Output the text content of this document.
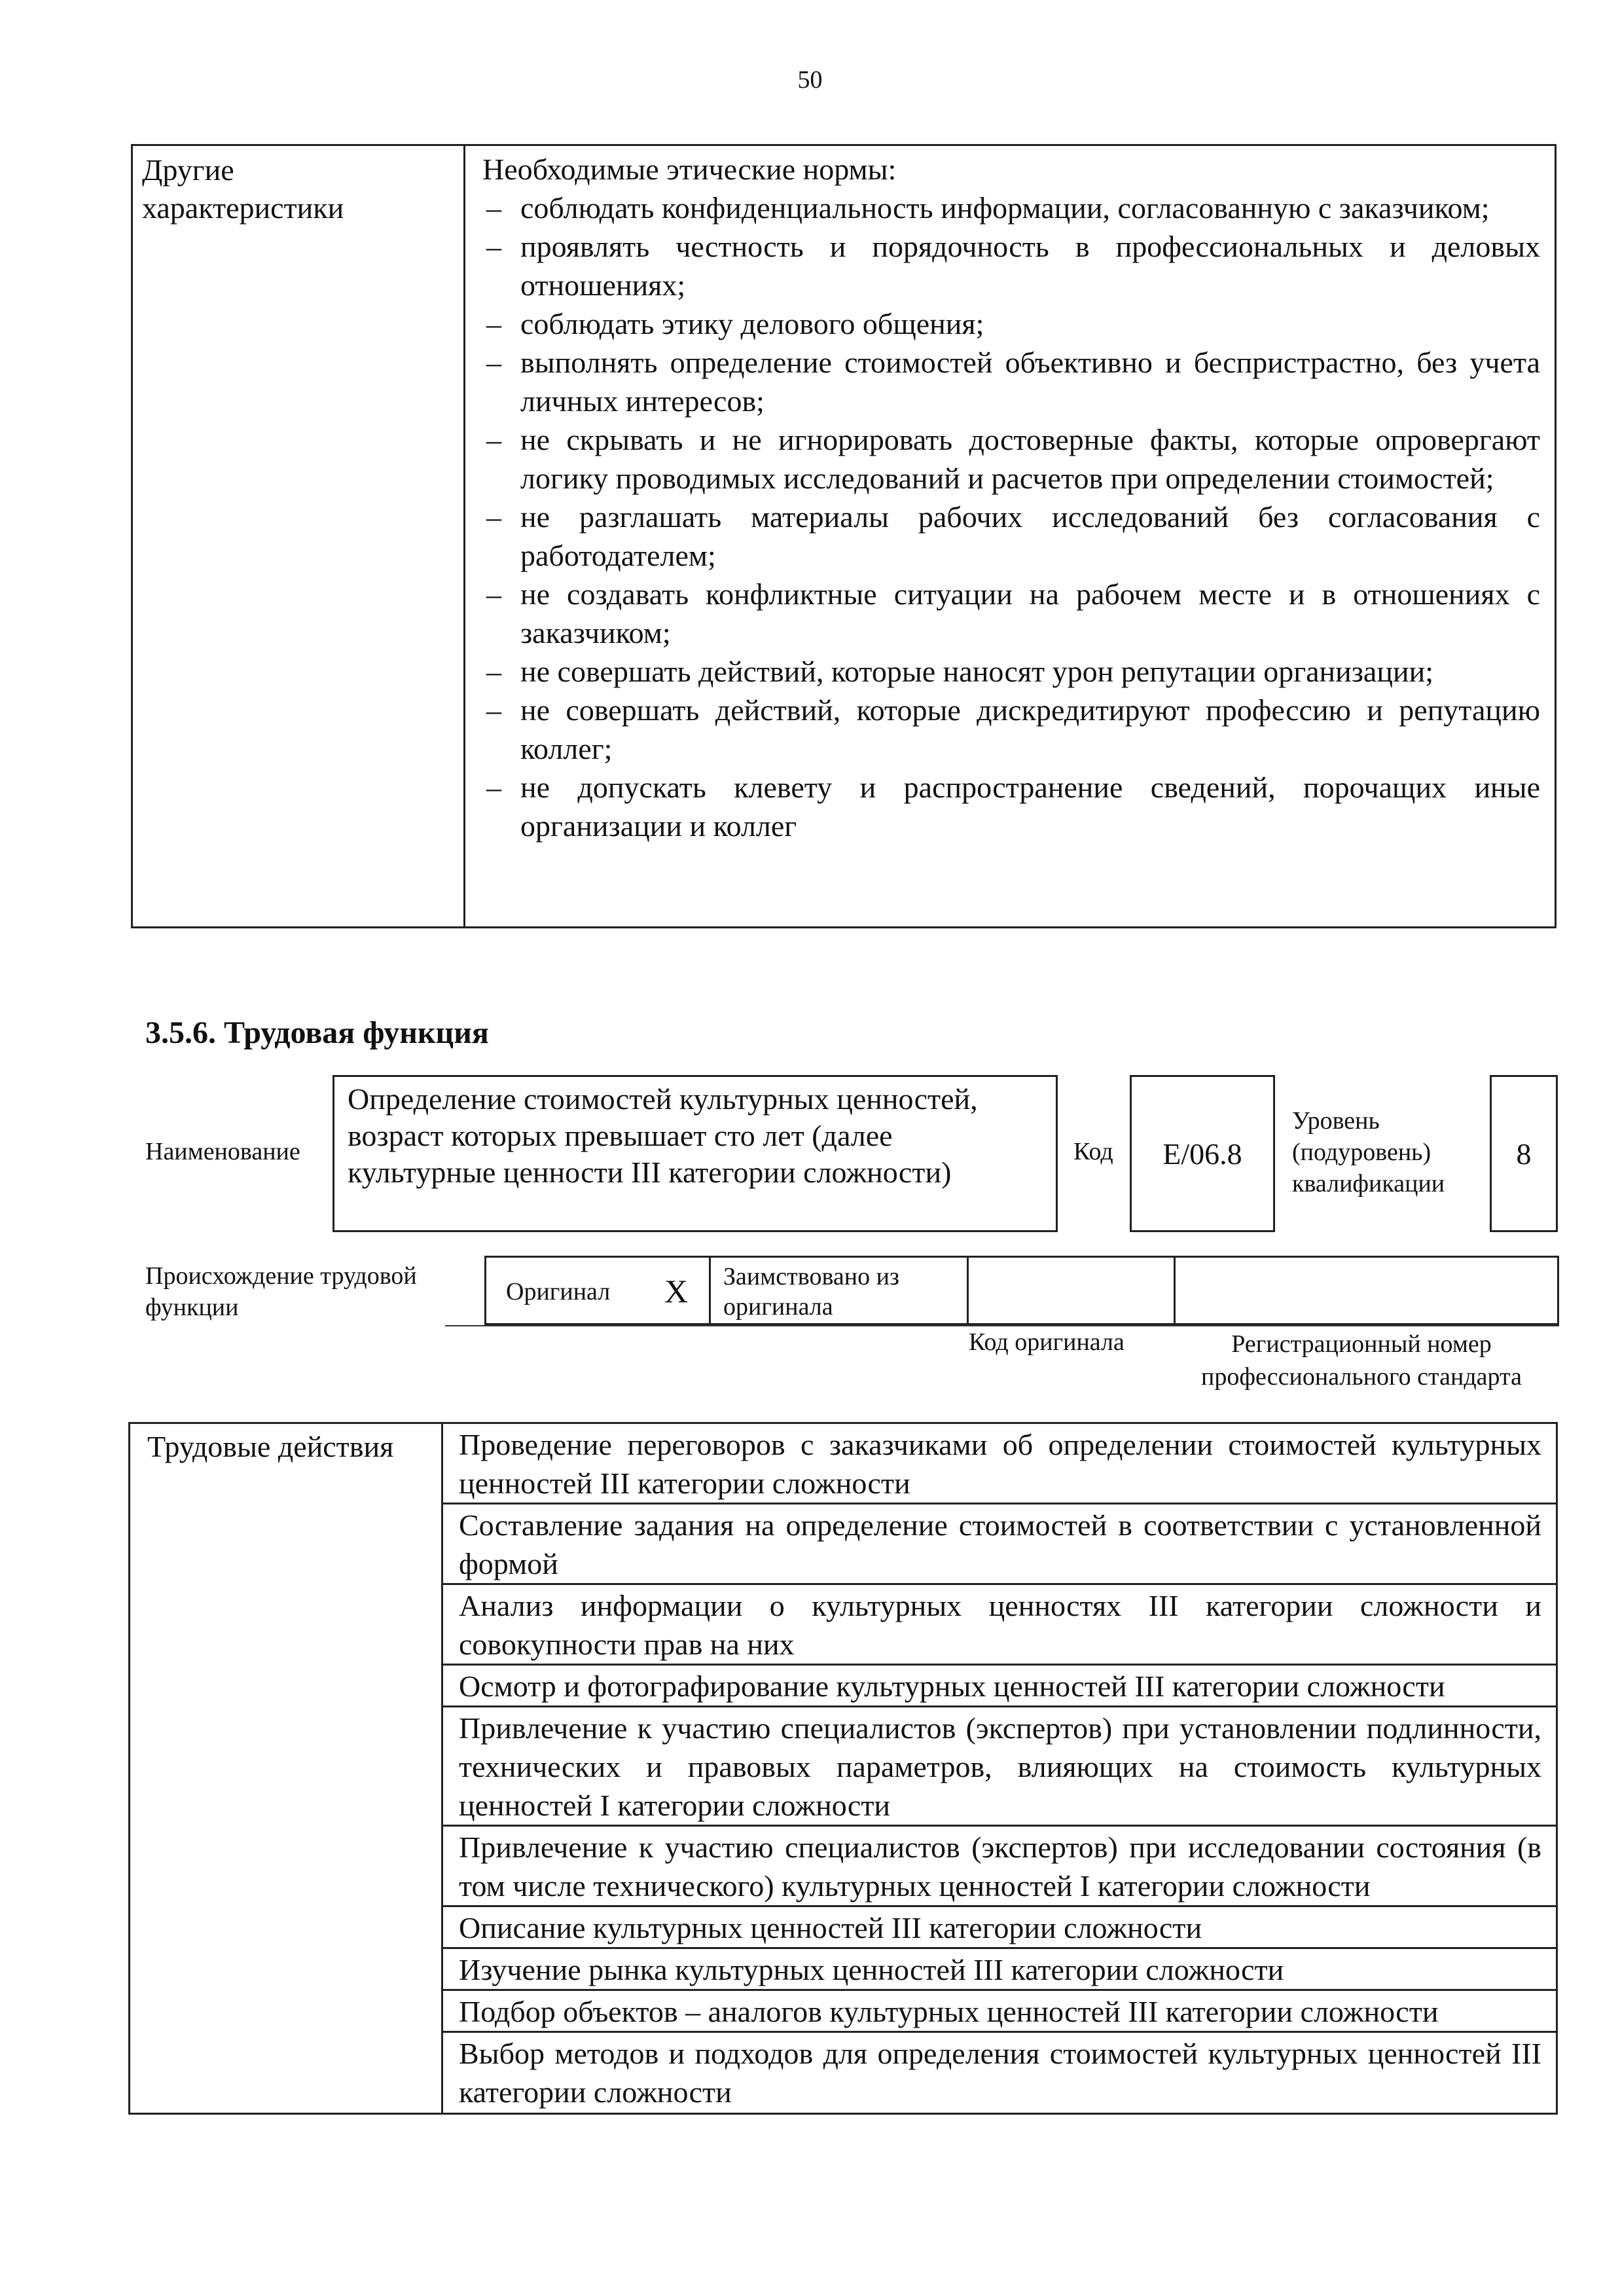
50
Другие
характеристики

Необходимые этические нормы:

– соблюдать конфиденциальность информации, согласованную с заказчиком;
– проявлять честность и порядочность в профессиональных и деловых отношениях;
– соблюдать этику делового общения;
– выполнять определение стоимостей объективно и беспристрастно, без учета личных интересов;
– не скрывать и не игнорировать достоверные факты, которые опровергают логику проводимых исследований и расчетов при определении стоимостей;
– не разглашать материалы рабочих исследований без согласования с работодателем;
– не создавать конфликтные ситуации на рабочем месте и в отношениях с заказчиком;
– не совершать действий, которые наносят урон репутации организации;
– не совершать действий, которые дискредитируют профессию и репутацию коллег;
– не допускать клевету и распространение сведений, порочащих иные организации и коллег
3.5.6. Трудовая функция
Наименование
Определение стоимостей культурных ценностей, возраст которых превышает сто лет (далее культурные ценности III категории сложности)
Код E/06.8
Уровень
(подуровень)
квалификации
8
Происхождение трудовой
функции
Оригинал X Заимствовано из
оригинала
Код оригинала	Регистрационный номер
профессионального стандарта
Трудовые действия	Проведение переговоров с заказчиками об определении стоимостей культурных ценностей III категории сложности
Составление задания на определение стоимостей в соответствии с установленной формой
Анализ информации о культурных ценностях III категории сложности и совокупности прав на них
Осмотр и фотографирование культурных ценностей III категории сложности
Привлечение к участию специалистов (экспертов) при установлении подлинности, технических и правовых параметров, влияющих на стоимость культурных ценностей I категории сложности
Привлечение к участию специалистов (экспертов) при исследовании состояния (в том числе технического) культурных ценностей I категории сложности
Описание культурных ценностей III категории сложности
Изучение рынка культурных ценностей III категории сложности
Подбор объектов – аналогов культурных ценностей III категории сложности
Выбор методов и подходов для определения стоимостей культурных ценностей III категории сложности
